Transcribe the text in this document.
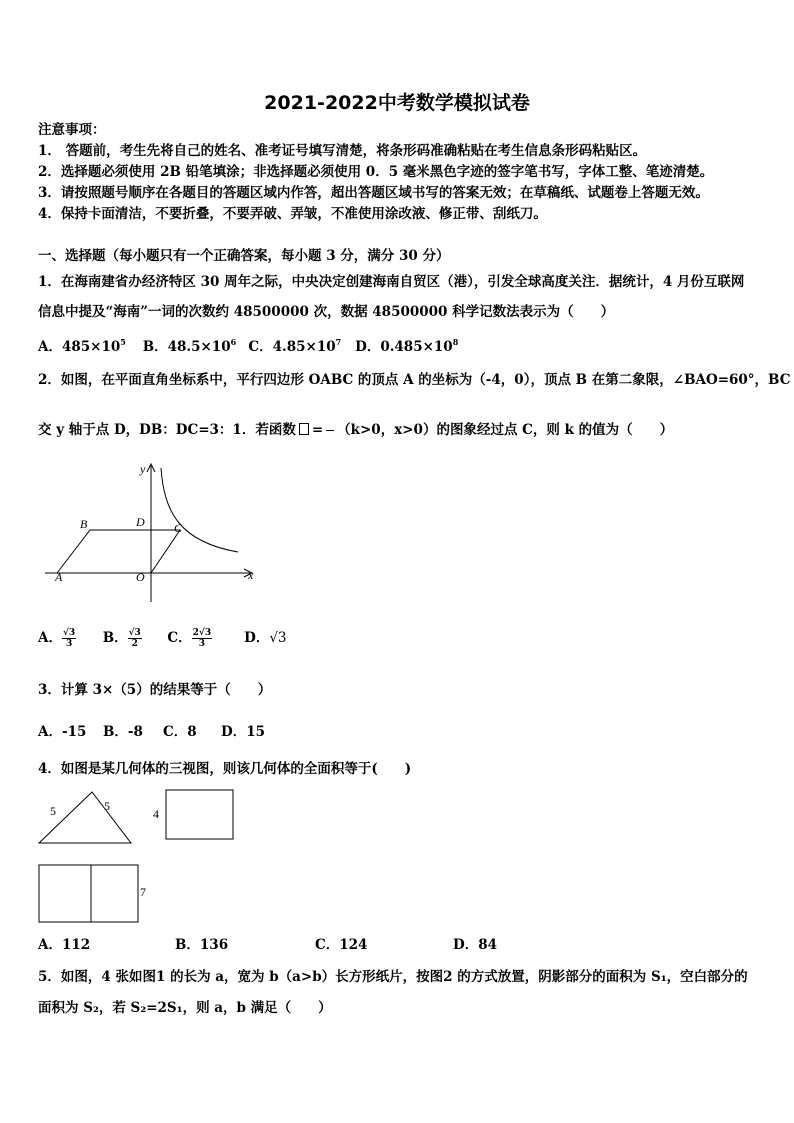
2021-2022中考数学模拟试卷
注意事项：
1． 答题前，考生先将自己的姓名、准考证号填写清楚，将条形码准确粘贴在考生信息条形码粘贴区。
2．选择题必须使用 2B 铅笔填涂；非选择题必须使用 0．5 毫米黑色字迹的签字笔书写，字体工整、笔迹清楚。
3．请按照题号顺序在各题目的答题区域内作答，超出答题区域书写的答案无效；在草稿纸、试题卷上答题无效。
4．保持卡面清洁，不要折叠，不要弄破、弄皱，不准使用涂改液、修正带、刮纸刀。
一、选择题（每小题只有一个正确答案，每小题 3 分，满分 30 分）
1．在海南建省办经济特区 30 周年之际，中央决定创建海南自贸区（港），引发全球高度关注．据统计，4 月份互联网
信息中提及“海南”一词的次数约 48500000 次，数据 48500000 科学记数法表示为（　　）
A．$485\times 10^5$ B．$48.5\times 10^6$ C．$4.85\times 10^7$ D．$0.485\times 10^8$
2．如图，在平面直角坐标系中，平行四边形 OABC 的顶点 A 的坐标为（-4，0），顶点 B 在第二象限，∠BAO=60°，BC
交 y 轴于点 D，DB：DC=3：1．若函数 = （k>0，x>0）的图象经过点 C，则 k 的值为（　　）
y
x
B	D C
A	O
A． $\frac{√3}{3}$ B． $\frac{√3}{2}$ C． $\frac{2√3}{3}$ D．√3
3．计算 3×（5）的结果等于（　　）
A．-15 B．-8 C．8 D．15
4．如图是某几何体的三视图，则该几何体的全面积等于(　　)
5	5
4
7
A．112	B．136	C．124	D．84
5．如图，4 张如图1 的长为 a，宽为 b（a>b）长方形纸片，按图2 的方式放置，阴影部分的面积为 S₁，空白部分的
面积为 S₂，若 S₂=2S₁，则 a，b 满足（　　）
